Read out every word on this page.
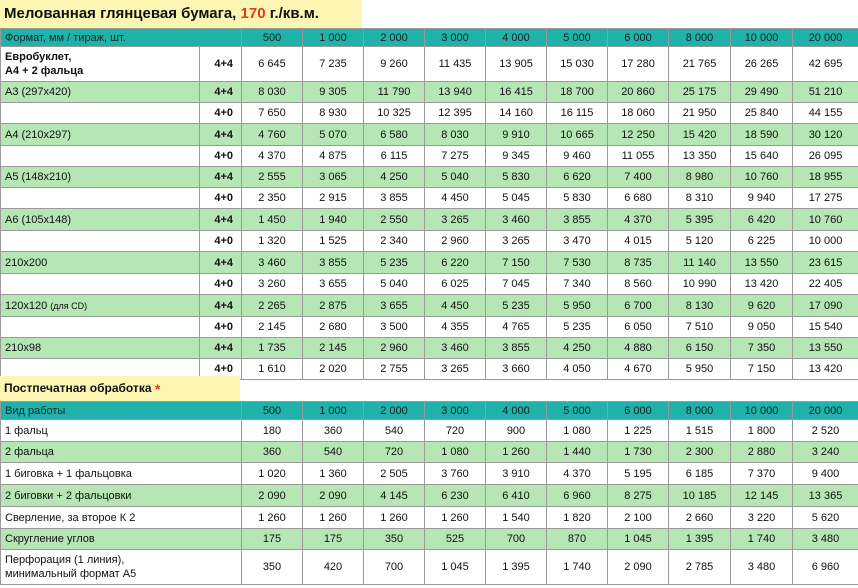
Мелованная глянцевая бумага, 170 г./кв.м.
Формат, мм / тираж, шт.		500	1 000	2 000	3 000	4 000	5 000	6 000	8 000	10 000	20 000
Евробуклет,
А4 + 2 фальца	4+4	6 645	7 235	9 260	11 435	13 905	15 030	17 280	21 765	26 265	42 695
А3 (297x420)	4+4	8 030	9 305	11 790	13 940	16 415	18 700	20 860	25 175	29 490	51 210
	4+0	7 650	8 930	10 325	12 395	14 160	16 115	18 060	21 950	25 840	44 155
А4 (210x297)	4+4	4 760	5 070	6 580	8 030	9 910	10 665	12 250	15 420	18 590	30 120
	4+0	4 370	4 875	6 115	7 275	9 345	9 460	11 055	13 350	15 640	26 095
А5 (148x210)	4+4	2 555	3 065	4 250	5 040	5 830	6 620	7 400	8 980	10 760	18 955
	4+0	2 350	2 915	3 855	4 450	5 045	5 830	6 680	8 310	9 940	17 275
А6 (105x148)	4+4	1 450	1 940	2 550	3 265	3 460	3 855	4 370	5 395	6 420	10 760
	4+0	1 320	1 525	2 340	2 960	3 265	3 470	4 015	5 120	6 225	10 000
210x200	4+4	3 460	3 855	5 235	6 220	7 150	7 530	8 735	11 140	13 550	23 615
	4+0	3 260	3 655	5 040	6 025	7 045	7 340	8 560	10 990	13 420	22 405
120x120 (для CD)	4+4	2 265	2 875	3 655	4 450	5 235	5 950	6 700	8 130	9 620	17 090
	4+0	2 145	2 680	3 500	4 355	4 765	5 235	6 050	7 510	9 050	15 540
210x98	4+4	1 735	2 145	2 960	3 460	3 855	4 250	4 880	6 150	7 350	13 550
	4+0	1 610	2 020	2 755	3 265	3 660	4 050	4 670	5 950	7 150	13 420
Постпечатная обработка *
Вид работы	500	1 000	2 000	3 000	4 000	5 000	6 000	8 000	10 000	20 000
1 фальц	180	360	540	720	900	1 080	1 225	1 515	1 800	2 520
2 фальца	360	540	720	1 080	1 260	1 440	1 730	2 300	2 880	3 240
1 биговка + 1 фальцовка	1 020	1 360	2 505	3 760	3 910	4 370	5 195	6 185	7 370	9 400
2 биговки + 2 фальцовки	2 090	2 090	4 145	6 230	6 410	6 960	8 275	10 185	12 145	13 365
Сверление, за второе К 2	1 260	1 260	1 260	1 260	1 540	1 820	2 100	2 660	3 220	5 620
Скругление углов	175	175	350	525	700	870	1 045	1 395	1 740	3 480
Перфорация (1 линия),
минимальный формат А5	350	420	700	1 045	1 395	1 740	2 090	2 785	3 480	6 960
